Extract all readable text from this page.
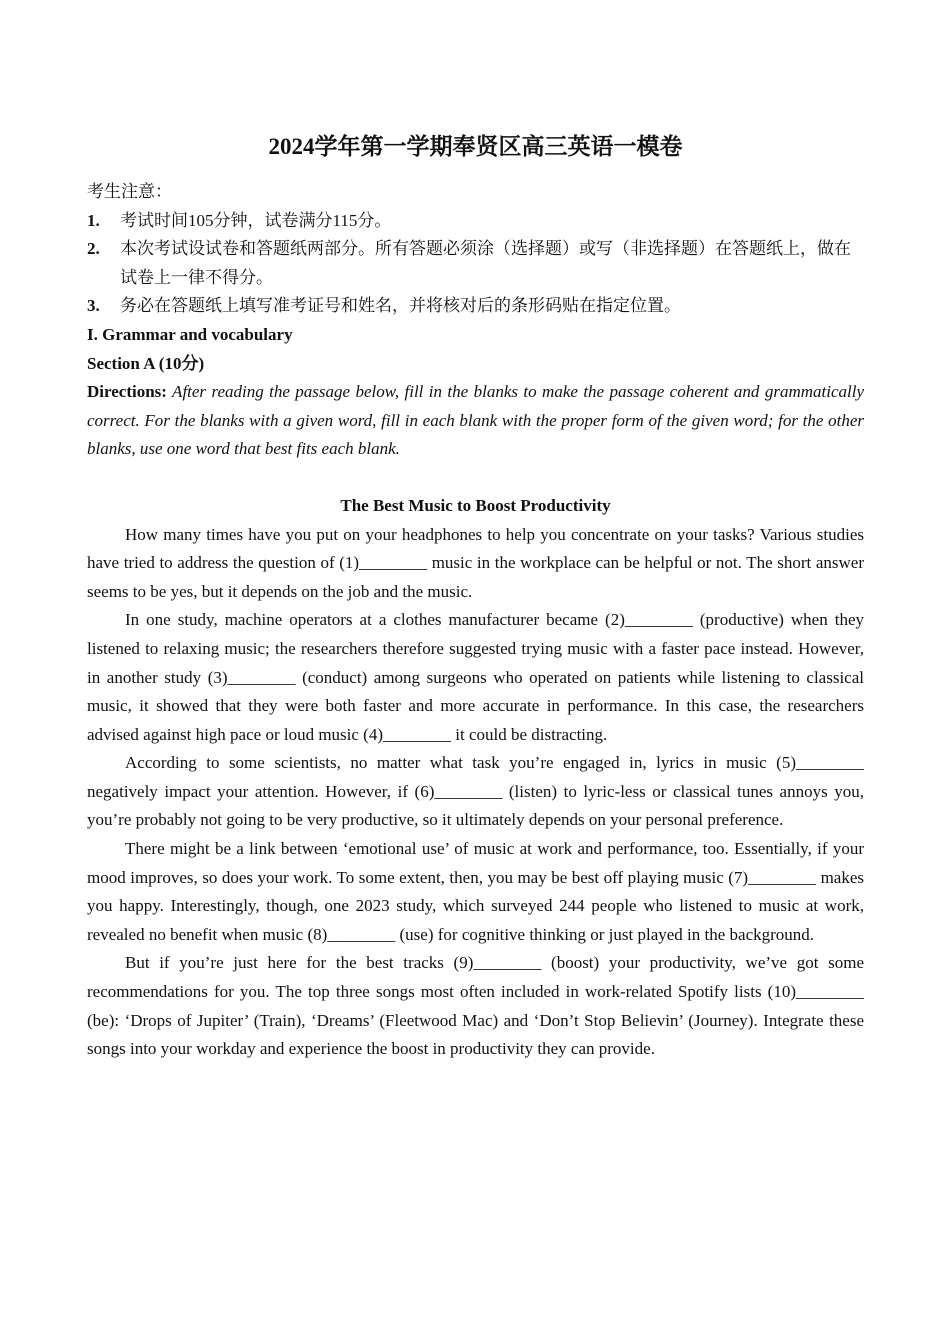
2024学年第一学期奉贤区高三英语一模卷

考生注意：

1.	考试时间105分钟，试卷满分115分。
2.	本次考试设试卷和答题纸两部分。所有答题必须涂（选择题）或写（非选择题）在答题纸上，做在试卷上一律不得分。
3.	务必在答题纸上填写准考证号和姓名，并将核对后的条形码贴在指定位置。

I. Grammar and vocabulary

Section A (10分)

Directions: After reading the passage below, fill in the blanks to make the passage coherent and grammatically correct. For the blanks with a given word, fill in each blank with the proper form of the given word; for the other blanks, use one word that best fits each blank.

The Best Music to Boost Productivity

How many times have you put on your headphones to help you concentrate on your tasks? Various studies have tried to address the question of (1)________ music in the workplace can be helpful or not. The short answer seems to be yes, but it depends on the job and the music.

In one study, machine operators at a clothes manufacturer became (2)________ (productive) when they listened to relaxing music; the researchers therefore suggested trying music with a faster pace instead. However, in another study (3)________ (conduct) among surgeons who operated on patients while listening to classical music, it showed that they were both faster and more accurate in performance. In this case, the researchers advised against high pace or loud music (4)________ it could be distracting.

According to some scientists, no matter what task you’re engaged in, lyrics in music (5)________ negatively impact your attention. However, if (6)________ (listen) to lyric-less or classical tunes annoys you, you’re probably not going to be very productive, so it ultimately depends on your personal preference.

There might be a link between ‘emotional use’ of music at work and performance, too. Essentially, if your mood improves, so does your work. To some extent, then, you may be best off playing music (7)________ makes you happy. Interestingly, though, one 2023 study, which surveyed 244 people who listened to music at work, revealed no benefit when music (8)________ (use) for cognitive thinking or just played in the background.

But if you’re just here for the best tracks (9)________ (boost) your productivity, we’ve got some recommendations for you. The top three songs most often included in work-related Spotify lists (10)________ (be): ‘Drops of Jupiter’ (Train), ‘Dreams’ (Fleetwood Mac) and ‘Don’t Stop Believin’ (Journey). Integrate these songs into your workday and experience the boost in productivity they can provide.
